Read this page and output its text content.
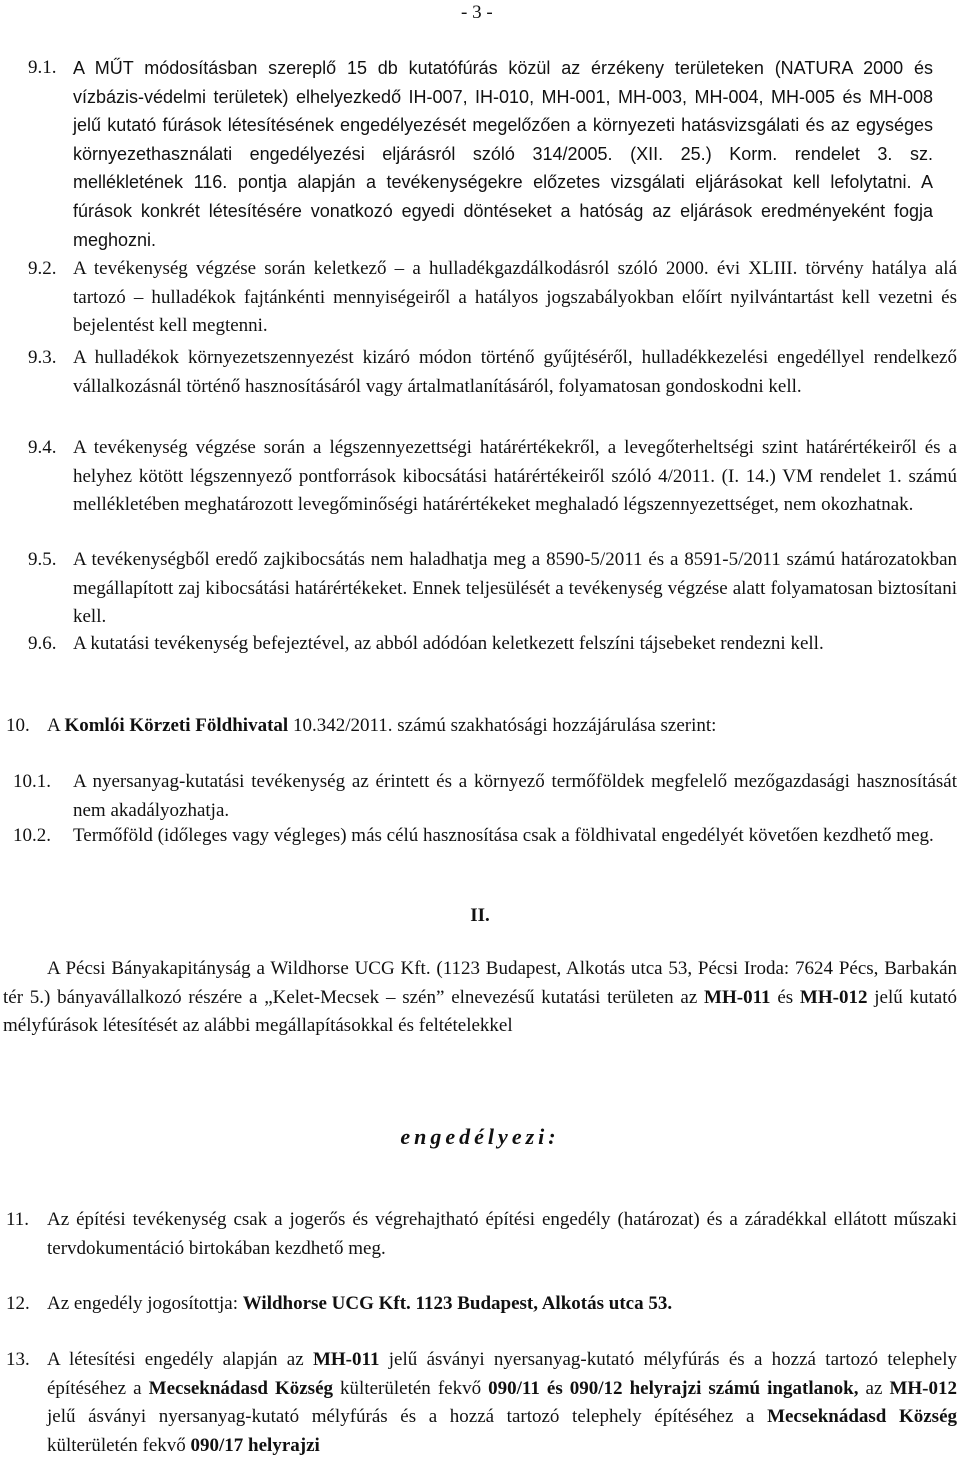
- 3 -
9.1. A MŰT módosításban szereplő 15 db kutatófúrás közül az érzékeny területeken (NATURA 2000 és vízbázis-védelmi területek) elhelyezkedő IH-007, IH-010, MH-001, MH-003, MH-004, MH-005 és MH-008 jelű kutató fúrások létesítésének engedélyezését megelőzően a környezeti hatásvizsgálati és az egységes környezethasználati engedélyezési eljárásról szóló 314/2005. (XII. 25.) Korm. rendelet 3. sz. mellékletének 116. pontja alapján a tevékenységekre előzetes vizsgálati eljárásokat kell lefolytatni. A fúrások konkrét létesítésére vonatkozó egyedi döntéseket a hatóság az eljárások eredményeként fogja meghozni.
9.2. A tevékenység végzése során keletkező – a hulladékgazdálkodásról szóló 2000. évi XLIII. törvény hatálya alá tartozó – hulladékok fajtánkénti mennyiségeiről a hatályos jogszabályokban előírt nyilvántartást kell vezetni és bejelentést kell megtenni.
9.3. A hulladékok környezetszennyezést kizáró módon történő gyűjtéséről, hulladékkezelési engedéllyel rendelkező vállalkozásnál történő hasznosításáról vagy ártalmatlanításáról, folyamatosan gondoskodni kell.
9.4. A tevékenység végzése során a légszennyezettségi határértékekről, a levegőterheltségi szint határértékeiről és a helyhez kötött légszennyező pontforrások kibocsátási határértékeiről szóló 4/2011. (I. 14.) VM rendelet 1. számú mellékletében meghatározott levegőminőségi határértékeket meghaladó légszennyezettséget, nem okozhatnak.
9.5. A tevékenységből eredő zajkibocsátás nem haladhatja meg a 8590-5/2011 és a 8591-5/2011 számú határozatokban megállapított zaj kibocsátási határértékeket. Ennek teljesülését a tevékenység végzése alatt folyamatosan biztosítani kell.
9.6. A kutatási tevékenység befejeztével, az abból adódóan keletkezett felszíni tájsebeket rendezni kell.
10. A Komlói Körzeti Földhivatal 10.342/2011. számú szakhatósági hozzájárulása szerint:
10.1. A nyersanyag-kutatási tevékenység az érintett és a környező termőföldek megfelelő mezőgazdasági hasznosítását nem akadályozhatja.
10.2. Termőföld (időleges vagy végleges) más célú hasznosítása csak a földhivatal engedélyét követően kezdhető meg.
II.
A Pécsi Bányakapitányság a Wildhorse UCG Kft. (1123 Budapest, Alkotás utca 53, Pécsi Iroda: 7624 Pécs, Barbakán tér 5.) bányavállalkozó részére a „Kelet-Mecsek – szén” elnevezésű kutatási területen az MH-011 és MH-012 jelű kutató mélyfúrások létesítését az alábbi megállapításokkal és feltételekkel
engedélyezi:
11. Az építési tevékenység csak a jogerős és végrehajtható építési engedély (határozat) és a záradékkal ellátott műszaki tervdokumentáció birtokában kezdhető meg.
12. Az engedély jogosítottja: Wildhorse UCG Kft. 1123 Budapest, Alkotás utca 53.
13. A létesítési engedély alapján az MH-011 jelű ásványi nyersanyag-kutató mélyfúrás és a hozzá tartozó telephely építéséhez a Mecseknádasd Község külterületén fekvő 090/11 és 090/12 helyrajzi számú ingatlanok, az MH-012 jelű ásványi nyersanyag-kutató mélyfúrás és a hozzá tartozó telephely építéséhez a Mecseknádasd Község külterületén fekvő 090/17 helyrajzi
